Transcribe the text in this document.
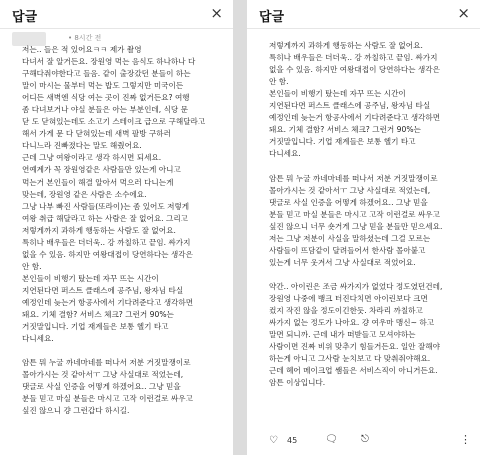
답글	×
• 8시간 전
저는.. 들은 적 있어요ㅋㅋ 제가 촬영
다녀서 잘 알거든요. 장원영 먹는 음식도 하나하나 다
구해다줘야한다고 들음. 같이 출장갔던 분들이 하는
말이 마시는 물부터 먹는 밥도 그렇지만 미국이든
어디든 새벽엔 식당 여는 곳이 진짜 없거든요? 여행
좀 다녀보거나 야실 분들은 아는 부분인데, 식당 문
닫 도 닫혀있는데도 소고기 스테이크 급으로 구해달라고
해서 가게 문 다 닫혀있는데 새벽 팔방 구하러
다니느라 진빠졌다는 말도 해줬어요.
근데 그냥 여왕이라고 생각 하시면 되세요.
연예계가 꼭 장원영같은 사람들만 있는게 아니고
먹는거 본인들이 해결 알아서 먹으러 다니는게
맞는데, 장원영 같은 사람은 소수에요.
그냥 나부 빠진 사람들(또라이)는 좀 있어도 저렇게
여왕 취급 해달라고 하는 사람은 잘 없어요. 그리고
저렇게까지 과하게 행동하는 사람도 잘 없어요.
특히나 배우들은 더더욱.. 강 까칠하고 끝임. 싸가지
없을 수 있음. 하지만 여왕대접이 당연하다는 생각은
안 함.
본인들이 비행기 탔는데 자꾸 뜨는 시간이
지연된다면 퍼스트 클래스에 공주님, 왕자님 타실
예정인데 늦는거 항공사에서 기다려준다고 생각하면
돼요. 기체 결함? 서비스 체크? 그런거 90%는
거짓말입니다. 기업 재계들은 보통 헬기 타고
다니세요.
암튼 뭐 누굴 까네마네를 떠나서 저분 거짓말쟁이로
몰아가시는 것 같아서ㅜ 그냥 사실대로 적었는데,
댓글로 사실 인증을 어떻게 하겠어요.. 그냥 믿을
분들 믿고 마실 분들은 마시고 고작 이런걸로 싸우고
싶진 않으니 걍 그런갑다 하시길.
답글	×
저렇게까지 과하게 행동하는 사람도 잘 없어요.
특히나 배우들은 더더욱.. 강 까칠하고 끝임. 싸가지
없을 수 있음. 하지만 여왕대접이 당연하다는 생각은
안 함.
본인들이 비행기 탔는데 자꾸 뜨는 시간이
지연된다면 퍼스트 클래스에 공주님, 왕자님 타실
예정인데 늦는거 항공사에서 기다려준다고 생각하면
돼요. 기체 결함? 서비스 체크? 그런거 90%는
거짓말입니다. 기업 재계들은 보통 헬기 타고
다니세요.
암튼 뭐 누굴 까네마네를 떠나서 저분 거짓말쟁이로
몰아가시는 것 같아서ㅜ 그냥 사실대로 적었는데,
댓글로 사실 인증을 어떻게 하겠어요.. 그냥 믿을
분들 믿고 마실 분들은 마시고 고작 이런걸로 싸우고
싶진 않으니 너무 숏거게 그냥 믿을 분들만 믿으세요.
저는 그냥 저분이 사실을 말하셨는데 그걸 모르는
사람들이 뜨담같이 달려들어서 한사람 몰아붙고
있는게 너무 웃겨서 그냥 사실대로 적었어요.
약간.. 아이린은 조금 싸가지가 없었다 정도였던건데,
장원영 나중에 뱅크 터진다치면 아이린보다 크면
컸지 작진 않을 정도이긴한듯. 차라리 까칠하고
싸가지 없는 정도가 나아요. 걍 여우마 맹신~ 하고
말면 되니까. 근데 내가 떠받들고 모셔야하는
사람이면 진짜 비위 맞추기 힘들거든요. 일안 잘해야
하는게 아니고 그사람 눈치보고 다 맞춰줘야해요.
근데 혜어 메이크업 쌤들은 서비스직이 아니거든요.
암튼 이상입니다.
♡ 45	🗨 ⎋	⋮
